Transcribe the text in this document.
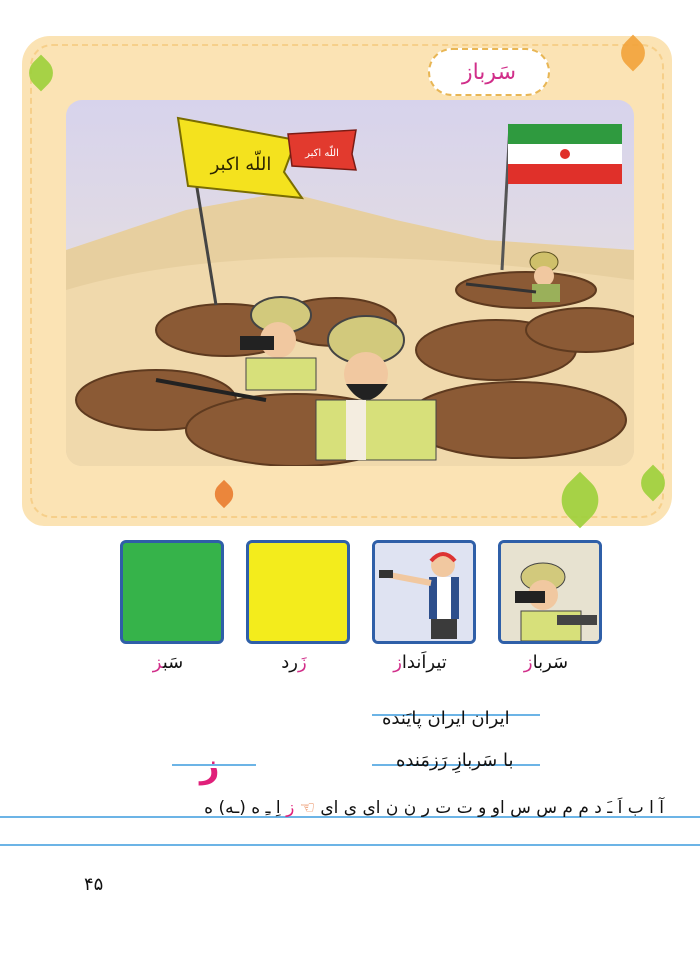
سَرباز
اللّه اکبر
اللّه اکبر
سَرباز
تیراَنداز
زَرد
سَبز
ایران ایران پایَنده
با سَربازِ رَزمَنده
ز
آ ا ب اَ ـَ د م م س س او و ت ت ر ن ن ای ی ای ☜ ز اِ ـِ ه (ـه) ه
۴۵
